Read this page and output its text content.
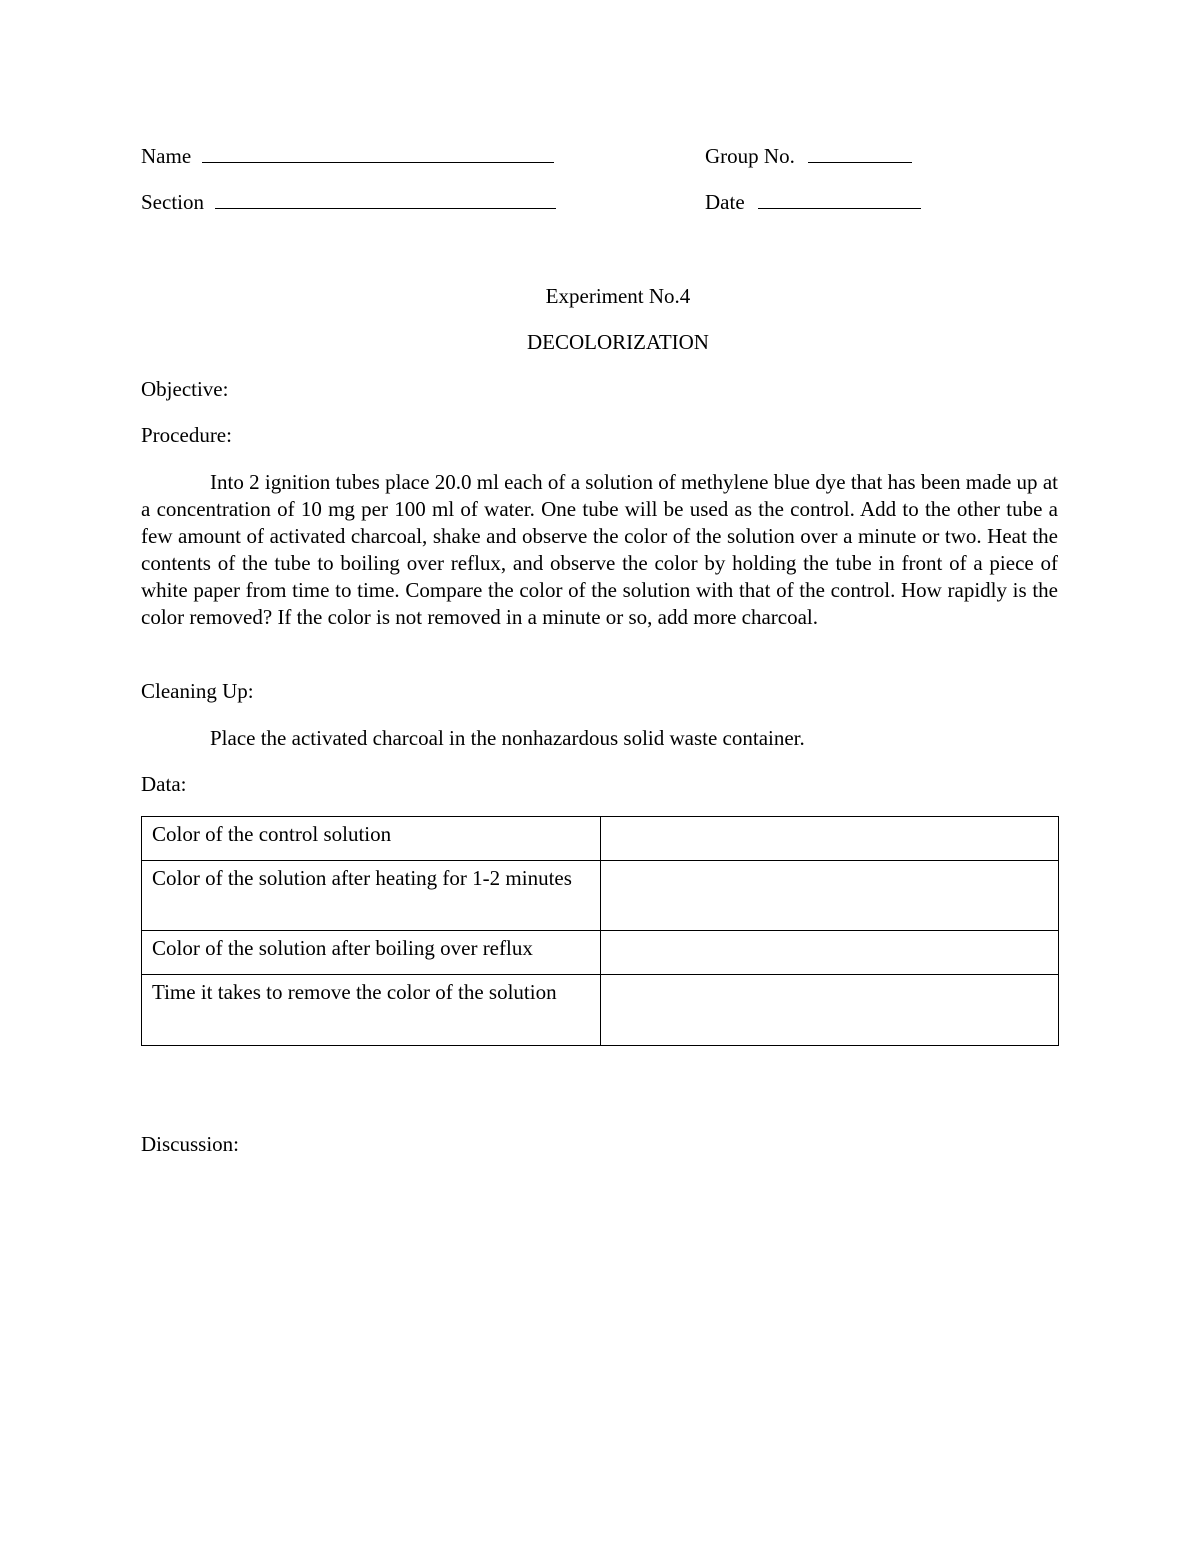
Name	Group No.
Section	Date
Experiment No.4
DECOLORIZATION
Objective:
Procedure:
Into 2 ignition tubes place 20.0 ml each of a solution of methylene blue dye that has been made up at a concentration of 10 mg per 100 ml of water. One tube will be used as the control. Add to the other tube a few amount of activated charcoal, shake and observe the color of the solution over a minute or two. Heat the contents of the tube to boiling over reflux, and observe the color by holding the tube in front of a piece of white paper from time to time. Compare the color of the solution with that of the control. How rapidly is the color removed? If the color is not removed in a minute or so, add more charcoal.
Cleaning Up:
Place the activated charcoal in the nonhazardous solid waste container.
Data:
Color of the control solution	
Color of the solution after heating for 1-2 minutes	
Color of the solution after boiling over reflux	
Time it takes to remove the color of the solution	
Discussion:
